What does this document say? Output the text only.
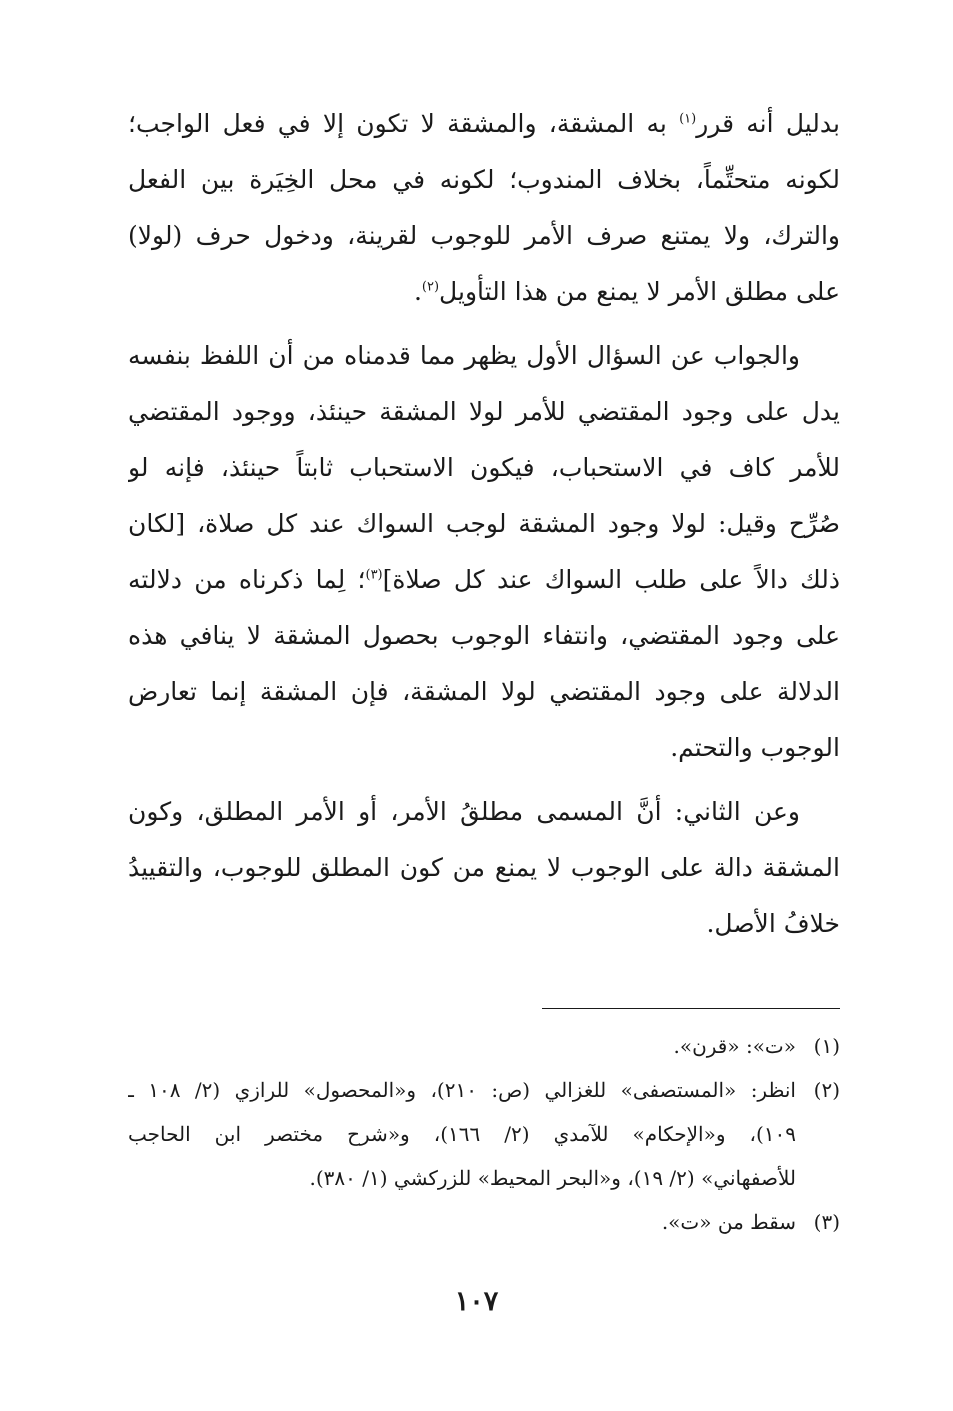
بدليل أنه قرر$^{(١)}$ به المشقة، والمشقة لا تكون إلا في فعل الواجب؛
لكونه متحتِّماً، بخلاف المندوب؛ لكونه في محل الخِيَرة بين الفعل
والترك، ولا يمتنع صرف الأمر للوجوب لقرينة، ودخول حرف (لولا)
على مطلق الأمر لا يمنع من هذا التأويل$^{(٢)}$.
والجواب عن السؤال الأول يظهر مما قدمناه من أن اللفظ بنفسه
يدل على وجود المقتضي للأمر لولا المشقة حينئذ، ووجود المقتضي
للأمر كاف في الاستحباب، فيكون الاستحباب ثابتاً حينئذ، فإنه لو
صُرِّح وقيل: لولا وجود المشقة لوجب السواك عند كل صلاة، [لكان
ذلك دالاً على طلب السواك عند كل صلاة]$^{(٣)}$؛ لِما ذكرناه من دلالته
على وجود المقتضي، وانتفاء الوجوب بحصول المشقة لا ينافي هذه
الدلالة على وجود المقتضي لولا المشقة، فإن المشقة إنما تعارض
الوجوب والتحتم.
وعن الثاني: أنَّ المسمى مطلقُ الأمر، أو الأمر المطلق، وكون
المشقة دالة على الوجوب لا يمنع من كون المطلق للوجوب، والتقييدُ
خلافُ الأصل.
(١)«ت»: «قرن».
(٢)انظر: «المستصفى» للغزالي (ص: ٢١٠)، و«المحصول» للرازي (٢/ ١٠٨ ـ
١٠٩)، و«الإحكام» للآمدي (٢/ ١٦٦)، و«شرح مختصر ابن الحاجب
للأصفهاني» (٢/ ١٩)، و«البحر المحيط» للزركشي (١/ ٣٨٠).
(٣)سقط من «ت».
١٠٧
